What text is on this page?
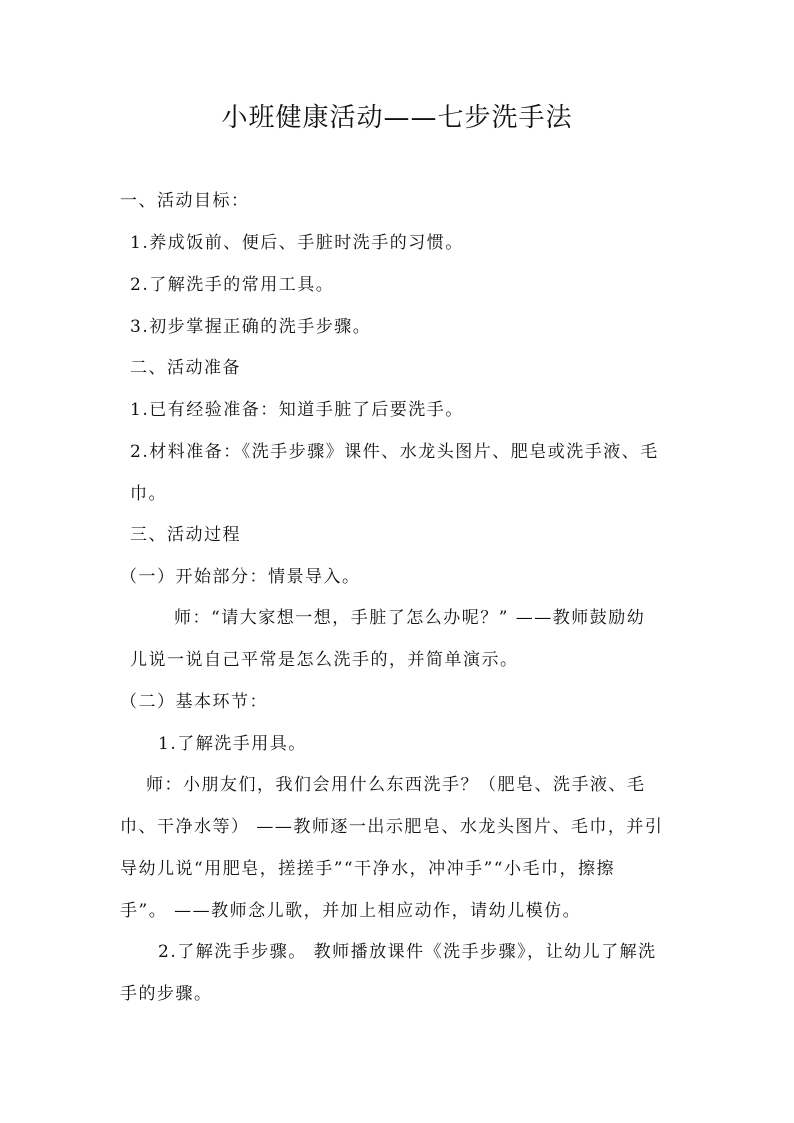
小班健康活动——七步洗手法
一、活动目标：
1.养成饭前、便后、手脏时洗手的习惯。
2.了解洗手的常用工具。
3.初步掌握正确的洗手步骤。
二、活动准备
1.已有经验准备：知道手脏了后要洗手。
2.材料准备：《洗手步骤》课件、水龙头图片、肥皂或洗手液、毛
巾。
三、活动过程
（一）开始部分：情景导入。
师：“请大家想一想，手脏了怎么办呢？” ——教师鼓励幼
儿说一说自己平常是怎么洗手的，并简单演示。
（二）基本环节：
1.了解洗手用具。
师：小朋友们，我们会用什么东西洗手？（肥皂、洗手液、毛
巾、干净水等） ——教师逐一出示肥皂、水龙头图片、毛巾，并引
导幼儿说“用肥皂，搓搓手”“干净水，冲冲手”“小毛巾，擦擦
手”。 ——教师念儿歌，并加上相应动作，请幼儿模仿。
2.了解洗手步骤。 教师播放课件《洗手步骤》，让幼儿了解洗
手的步骤。
